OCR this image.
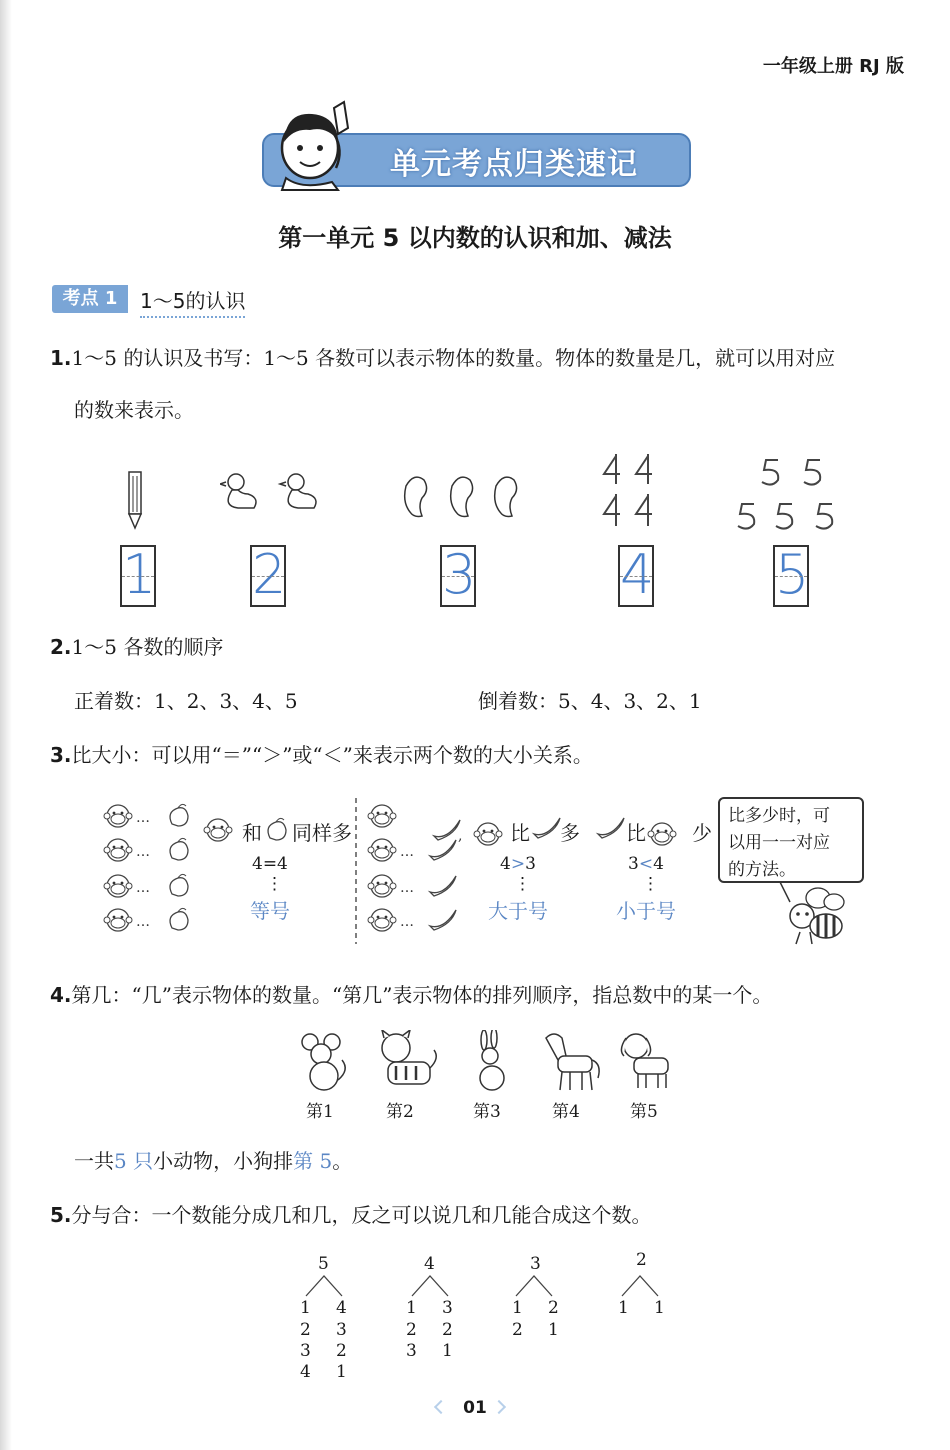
一年级上册 RJ 版
单元考点归类速记
第一单元 5 以内数的认识和加、减法
考点 1	1～5的认识
1.1～5 的认识及书写：1～5 各数可以表示物体的数量。物体的数量是几，就可以用对应
的数来表示。
1 2	3	4 5
2.1～5 各数的顺序
正着数：1、2、3、4、5	倒着数：5、4、3、2、1
3.比大小：可以用“＝”“＞”或“＜”来表示两个数的大小关系。
…
…
…
…
…
…
…
,
和 同样多
4=4
⋮
等号
比 多
4>3
⋮
大于号
比 少
3<4
⋮
小于号
比多少时，可
以用一一对应
的方法。
4.第几：“几”表示物体的数量。“第几”表示物体的排列顺序，指总数中的某一个。
第1	第2	第3	第4	第5
一共5 只小动物，小狗排第 5。
5.分与合：一个数能分成几和几，反之可以说几和几能合成这个数。
5
1 4
2 3
3 2
4 1
4
1 3
2 2
3 1
3
1 2
2 1
2
1 1
01
